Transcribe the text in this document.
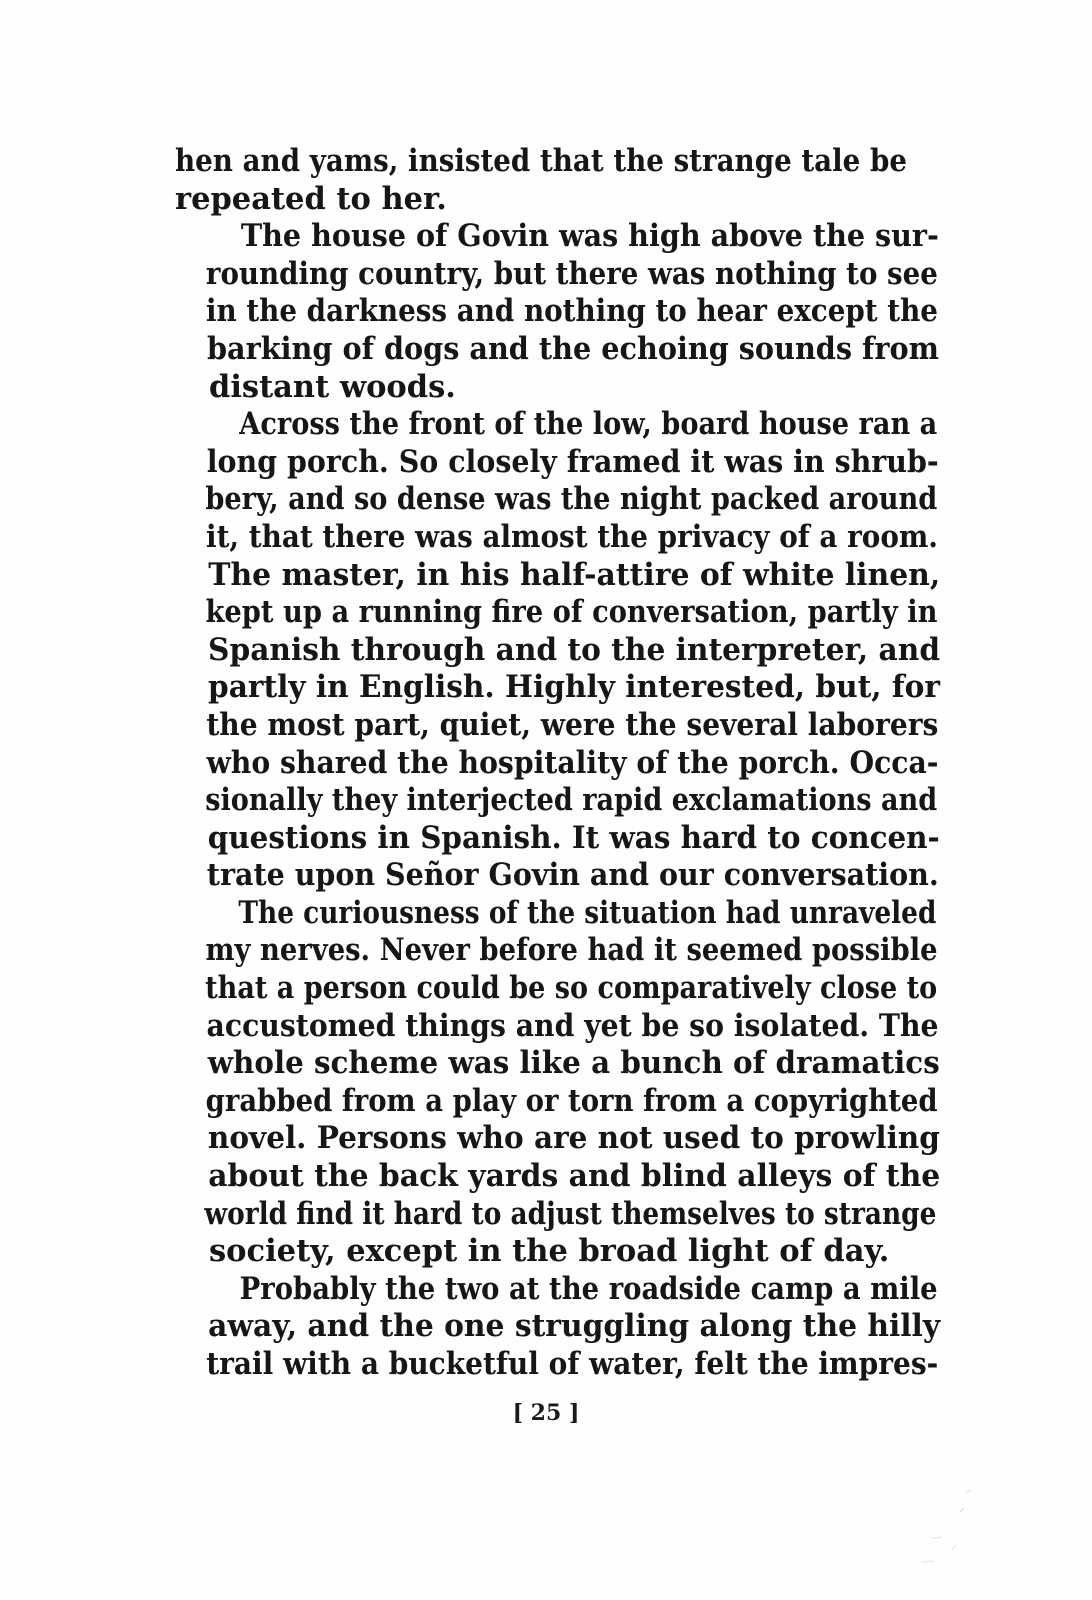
hen and yams, insisted that the strange tale be
repeated to her.

The house of Govin was high above the sur-
rounding country, but there was nothing to see
in the darkness and nothing to hear except the
barking of dogs and the echoing sounds from
distant woods.

Across the front of the low, board house ran a
long porch. So closely framed it was in shrub-
bery, and so dense was the night packed around
it, that there was almost the privacy of a room.
The master, in his half-attire of white linen,
kept up a running fire of conversation, partly in
Spanish through and to the interpreter, and
partly in English. Highly interested, but, for
the most part, quiet, were the several laborers
who shared the hospitality of the porch. Occa-
sionally they interjected rapid exclamations and
questions in Spanish. It was hard to concen-
trate upon Señor Govin and our conversation.

The curiousness of the situation had unraveled
my nerves. Never before had it seemed possible
that a person could be so comparatively close to
accustomed things and yet be so isolated. The
whole scheme was like a bunch of dramatics
grabbed from a play or torn from a copyrighted
novel. Persons who are not used to prowling
about the back yards and blind alleys of the
world find it hard to adjust themselves to strange
society, except in the broad light of day.

Probably the two at the roadside camp a mile
away, and the one struggling along the hilly
trail with a bucketful of water, felt the impres-

[ 25 ]
